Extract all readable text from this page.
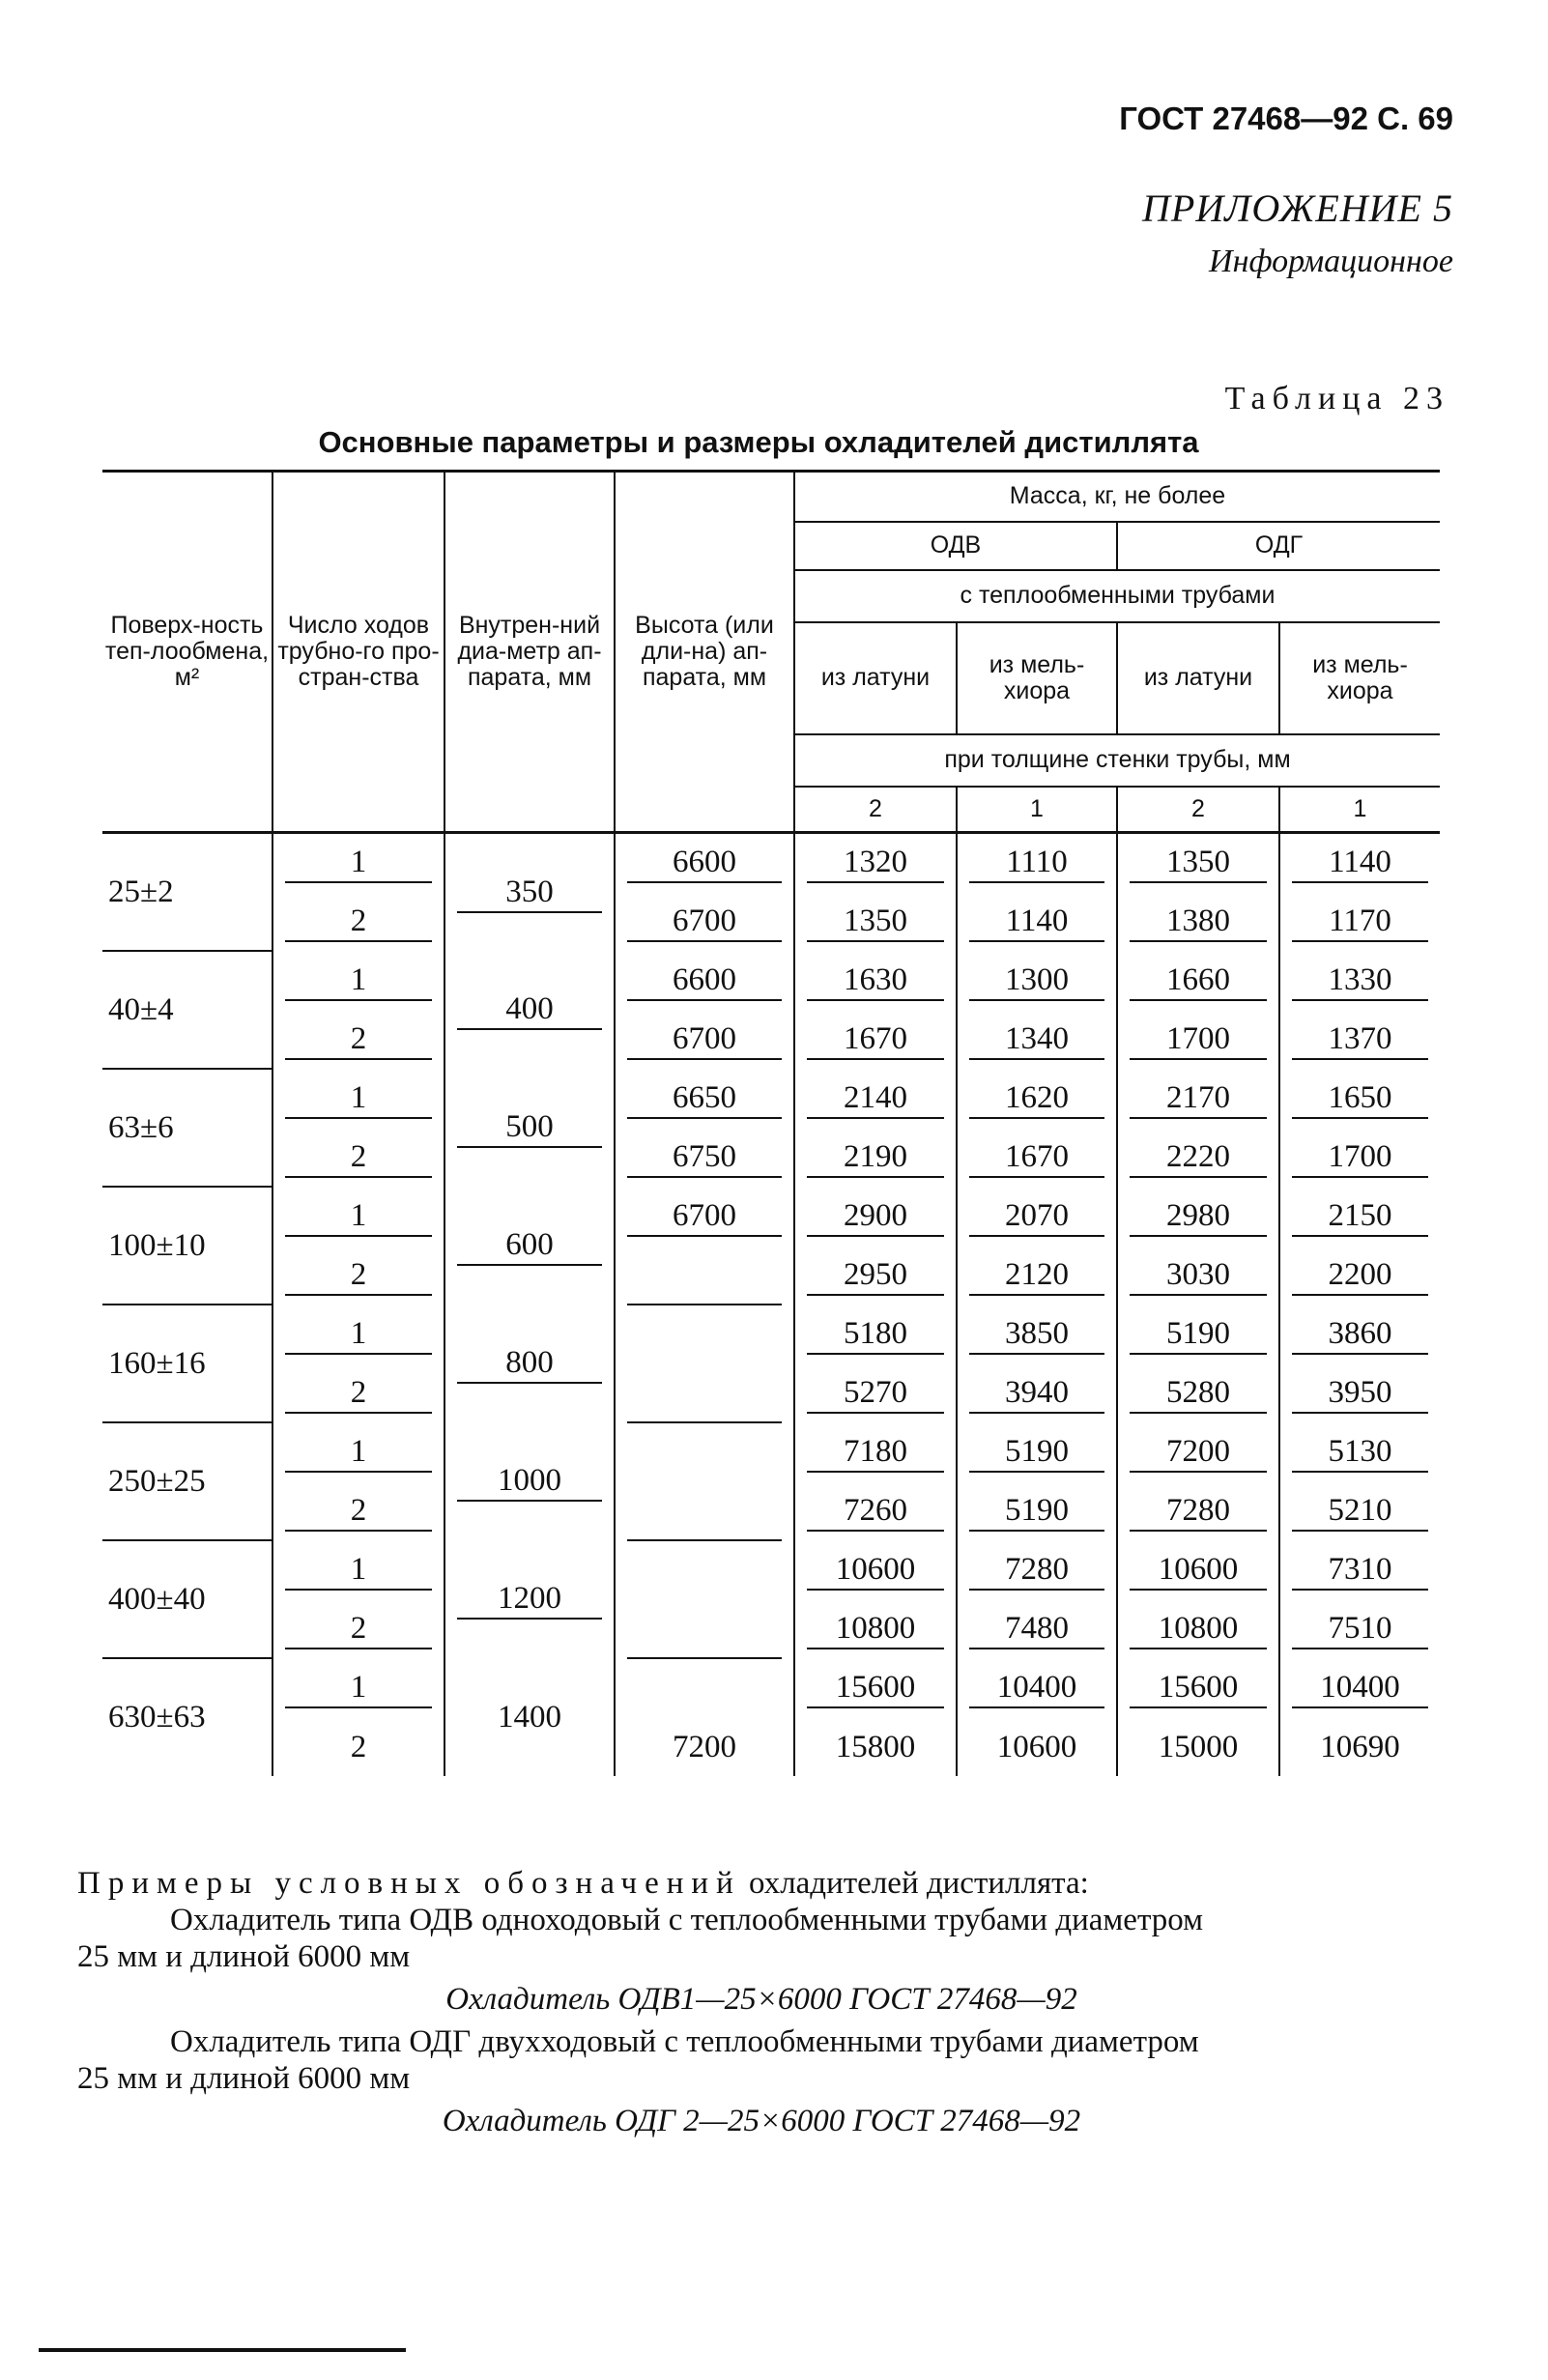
ГОСТ 27468—92 С. 69
ПРИЛОЖЕНИЕ 5
Информационное
Таблица 23
Основные параметры и размеры охладителей дистиллята
Поверх-ность теп-лообмена, м²	Число ходов трубно-го про-стран-ства	Внутрен-ний диа-метр ап-парата, мм	Высота (или дли-на) ап-парата, мм	Масса, кг, не более			
				ОДВ		ОДГ	
				с теплообменными трубами			
				из латуни	из мель-хиора	из латуни	из мель-хиора
				при толщине стенки трубы, мм			
				2	1	2	1
25±2	1	350	6600	1320	1110	1350	1140

	2		6700	1350	1140	1380	1170

40±4	1	400	6600	1630	1300	1660	1330

	2		6700	1670	1340	1700	1370

63±6	1	500	6650	2140	1620	2170	1650

	2		6750	2190	1670	2220	1700

100±10	1	600	6700	2900	2070	2980	2150

	2			2950	2120	3030	2200

160±16	1	800		5180	3850	5190	3860

	2			5270	3940	5280	3950

250±25	1	1000		7180	5190	7200	5130

	2			7260	5190	7280	5210

400±40	1	1200		10600	7280	10600	7310

	2			10800	7480	10800	7510

630±63	1	1400		15600	10400	15600	10400

	2		7200	15800	10600	15000	10690
Примеры условных обозначений охладителей дистиллята:
Охладитель типа ОДВ одноходовый с теплообменными трубами диаметром
25 мм и длиной 6000 мм
Охладитель ОДВ1—25×6000 ГОСТ 27468—92
Охладитель типа ОДГ двухходовый с теплообменными трубами диаметром
25 мм и длиной 6000 мм
Охладитель ОДГ 2—25×6000 ГОСТ 27468—92
